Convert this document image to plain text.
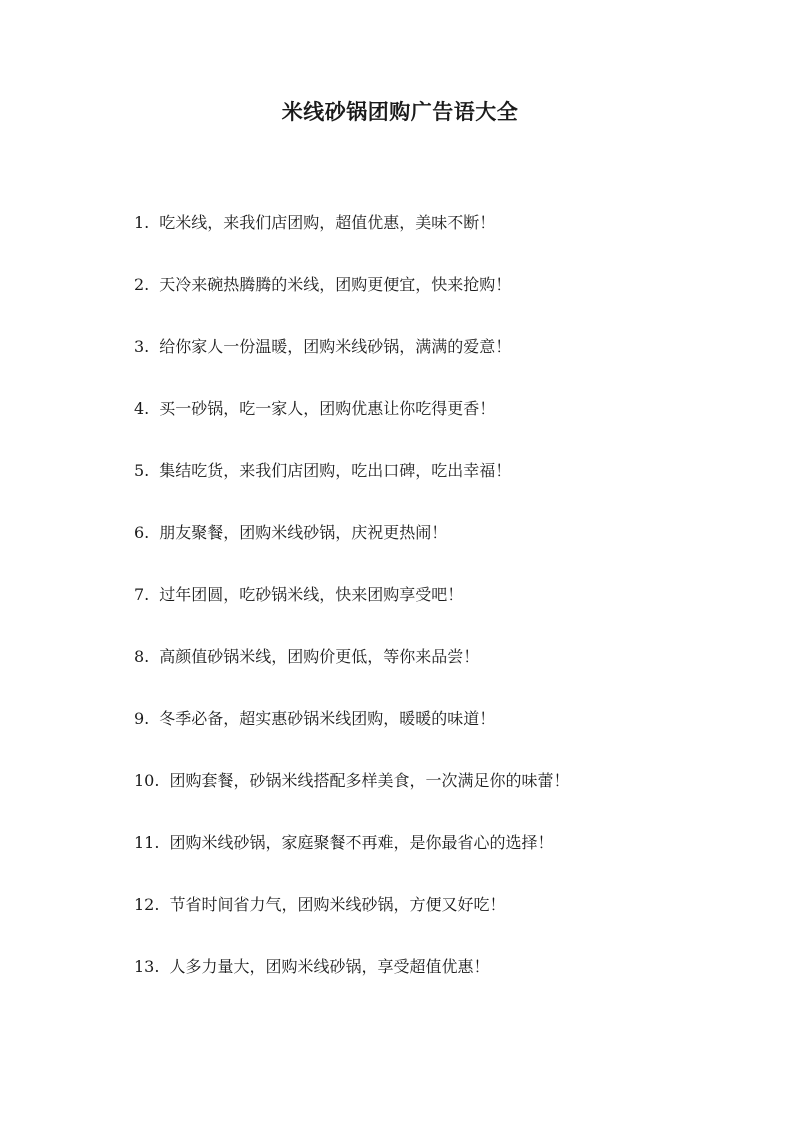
米线砂锅团购广告语大全
1. 吃米线，来我们店团购，超值优惠，美味不断！
2. 天冷来碗热腾腾的米线，团购更便宜，快来抢购！
3. 给你家人一份温暖，团购米线砂锅，满满的爱意！
4. 买一砂锅，吃一家人，团购优惠让你吃得更香！
5. 集结吃货，来我们店团购，吃出口碑，吃出幸福！
6. 朋友聚餐，团购米线砂锅，庆祝更热闹！
7. 过年团圆，吃砂锅米线，快来团购享受吧！
8. 高颜值砂锅米线，团购价更低，等你来品尝！
9. 冬季必备，超实惠砂锅米线团购，暖暖的味道！
10. 团购套餐，砂锅米线搭配多样美食，一次满足你的味蕾！
11. 团购米线砂锅，家庭聚餐不再难，是你最省心的选择！
12. 节省时间省力气，团购米线砂锅，方便又好吃！
13. 人多力量大，团购米线砂锅，享受超值优惠！
